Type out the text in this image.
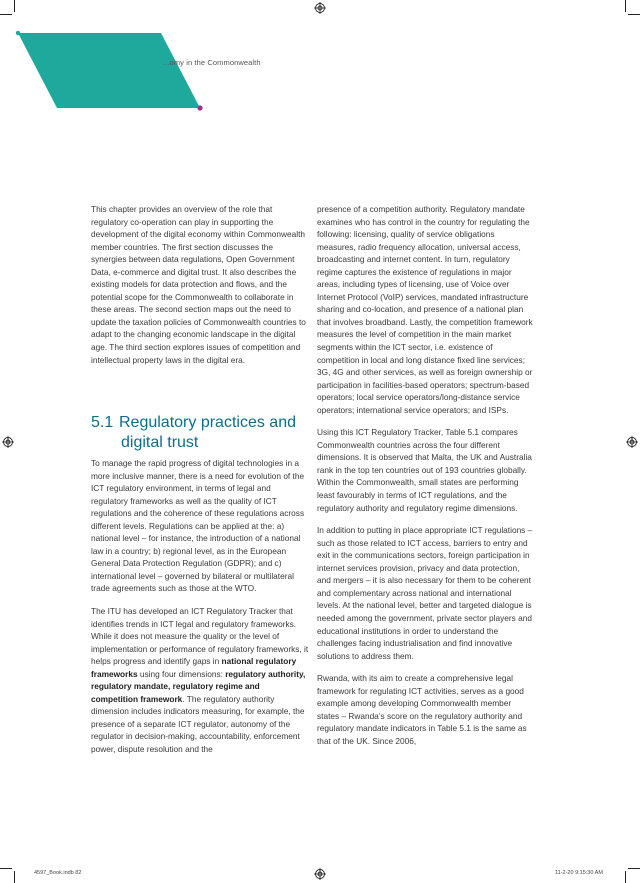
...omy in the Commonwealth

This chapter provides an overview of the role that regulatory co-operation can play in supporting the development of the digital economy within Commonwealth member countries. The first section discusses the synergies between data regulations, Open Government Data, e-commerce and digital trust. It also describes the existing models for data protection and flows, and the potential scope for the Commonwealth to collaborate in these areas. The second section maps out the need to update the taxation policies of Commonwealth countries to adapt to the changing economic landscape in the digital age. The third section explores issues of competition and intellectual property laws in the digital era.

5.1 Regulatory practices and
digital trust

To manage the rapid progress of digital technologies in a more inclusive manner, there is a need for evolution of the ICT regulatory environment, in terms of legal and regulatory frameworks as well as the quality of ICT regulations and the coherence of these regulations across different levels. Regulations can be applied at the: a) national level – for instance, the introduction of a national law in a country; b) regional level, as in the European General Data Protection Regulation (GDPR); and c) international level – governed by bilateral or multilateral trade agreements such as those at the WTO.

The ITU has developed an ICT Regulatory Tracker that identifies trends in ICT legal and regulatory frameworks. While it does not measure the quality or the level of implementation or performance of regulatory frameworks, it helps progress and identify gaps in national regulatory frameworks using four dimensions: regulatory authority, regulatory mandate, regulatory regime and competition framework. The regulatory authority dimension includes indicators measuring, for example, the presence of a separate ICT regulator, autonomy of the regulator in decision-making, accountability, enforcement power, dispute resolution and the

presence of a competition authority. Regulatory mandate examines who has control in the country for regulating the following: licensing, quality of service obligations measures, radio frequency allocation, universal access, broadcasting and internet content. In turn, regulatory regime captures the existence of regulations in major areas, including types of licensing, use of Voice over Internet Protocol (VoIP) services, mandated infrastructure sharing and co-location, and presence of a national plan that involves broadband. Lastly, the competition framework measures the level of competition in the main market segments within the ICT sector, i.e. existence of competition in local and long distance fixed line services; 3G, 4G and other services, as well as foreign ownership or participation in facilities-based operators; spectrum-based operators; local service operators/long-distance service operators; international service operators; and ISPs.

Using this ICT Regulatory Tracker, Table 5.1 compares Commonwealth countries across the four different dimensions. It is observed that Malta, the UK and Australia rank in the top ten countries out of 193 countries globally. Within the Commonwealth, small states are performing least favourably in terms of ICT regulations, and the regulatory authority and regulatory regime dimensions.

In addition to putting in place appropriate ICT regulations – such as those related to ICT access, barriers to entry and exit in the communications sectors, foreign participation in internet services provision, privacy and data protection, and mergers – it is also necessary for them to be coherent and complementary across national and international levels. At the national level, better and targeted dialogue is needed among the government, private sector players and educational institutions in order to understand the challenges facing industrialisation and find innovative solutions to address them.

Rwanda, with its aim to create a comprehensive legal framework for regulating ICT activities, serves as a good example among developing Commonwealth member states – Rwanda’s score on the regulatory authority and regulatory mandate indicators in Table 5.1 is the same as that of the UK. Since 2006,

4597_Book.indb 82	11-2-20 9:15:30 AM
